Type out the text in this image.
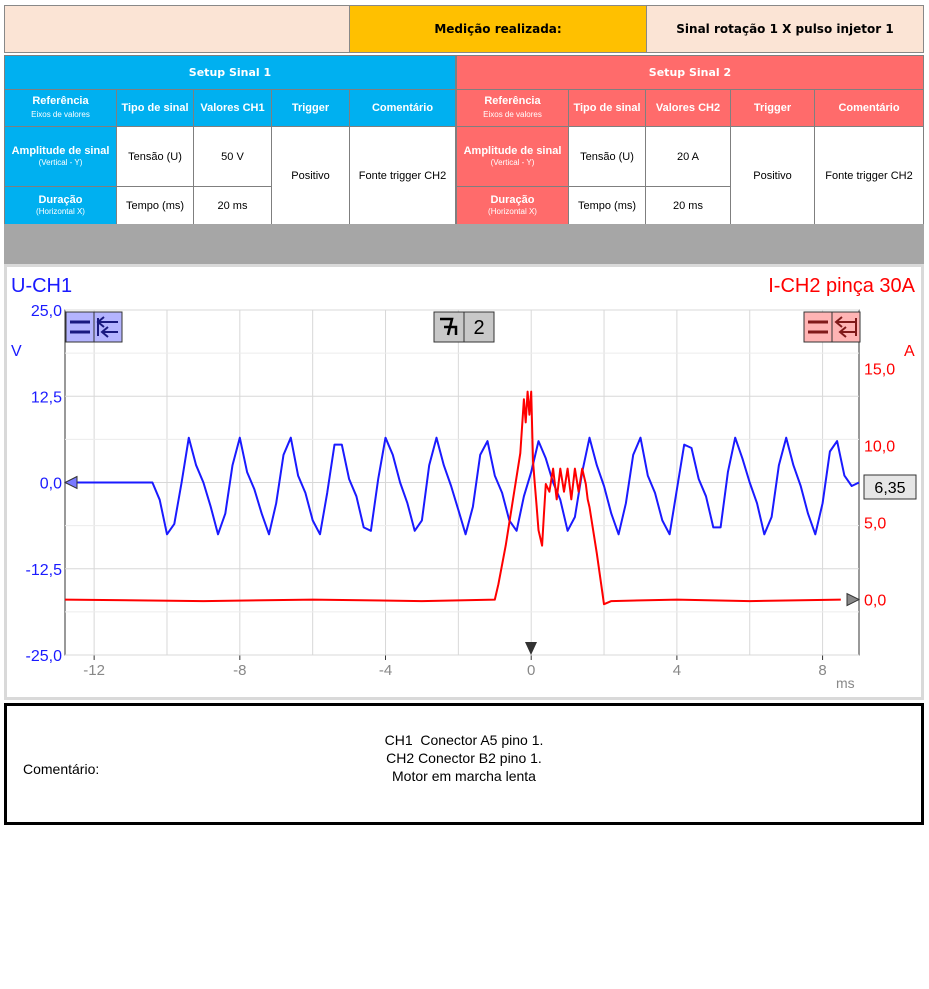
Medição realizada:	Sinal rotação 1 X pulso injetor 1
Setup Sinal 1				
Referência
Eixos de valores	Tipo de sinal	Valores CH1	Trigger	Comentário
Amplitude de sinal
(Vertical - Y)	Tensão (U)	50 V	Positivo	Fonte trigger CH2
Duração
(Horizontal X)	Tempo (ms)	20 ms		
Setup Sinal 2				
Referência
Eixos de valores	Tipo de sinal	Valores CH2	Trigger	Comentário
Amplitude de sinal
(Vertical - Y)	Tensão (U)	20 A	Positivo	Fonte trigger CH2
Duração
(Horizontal X)	Tempo (ms)	20 ms		
-12	-8	-4	0	4	8
25,0
12,5
0,0
-12,5
-25,0
15,0
10,0
5,0
0,0
U-CH1	I-CH2 pinça 30A
V	A
ms
2
6,35
Comentário:
CH1  Conector A5 pino 1.
CH2 Conector B2 pino 1.
Motor em marcha lenta
